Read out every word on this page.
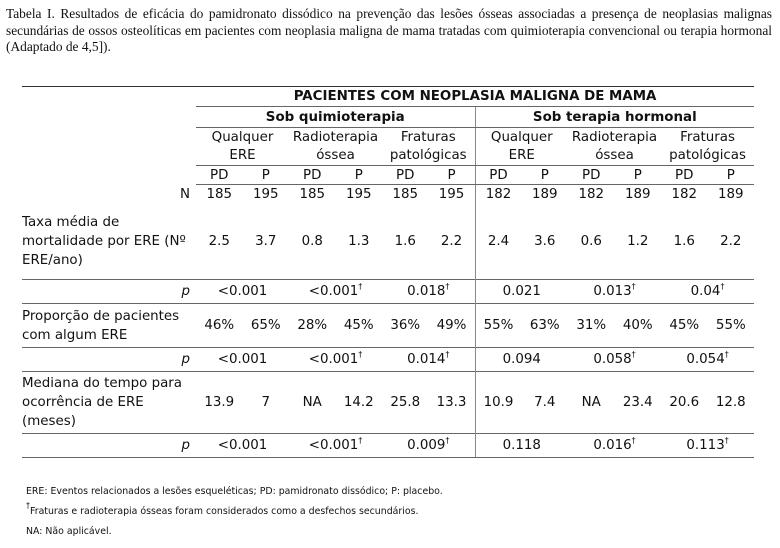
Tabela I. Resultados de eficácia do pamidronato dissódico na prevenção das lesões ósseas associadas a presença de neoplasias malignas secundárias de ossos osteolíticas em pacientes com neoplasia maligna de mama tratadas com quimioterapia convencional ou terapia hormonal (Adaptado de 4,5]).
	PACIENTES COM NEOPLASIA MALIGNA DE MAMA											
	Sob quimioterapia						Sob terapia hormonal					
	Qualquer		Radioterapia		Fraturas		Qualquer		Radioterapia		Fraturas	
	ERE		óssea		patológicas		ERE		óssea		patológicas	
	PD	P	PD	P	PD	P	PD	P	PD	P	PD	P
N	185	195	185	195	185	195	182	189	182	189	182	189
Taxa média de mortalidade por ERE (Nº ERE/ano)	2.5	3.7	0.8	1.3	1.6	2.2	2.4	3.6	0.6	1.2	1.6	2.2
p	<0.001		<0.001†		0.018†		0.021		0.013†		0.04†
Proporção de pacientes com algum ERE	46%	65%	28%	45%	36%	49%	55%	63%	31%	40%	45%	55%
p	<0.001		<0.001†		0.014†		0.094		0.058†		0.054†
Mediana do tempo para ocorrência de ERE (meses)	13.9	7	NA	14.2	25.8	13.3	10.9	7.4	NA	23.4	20.6	12.8
p	<0.001		<0.001†		0.009†		0.118		0.016†		0.113†
ERE: Eventos relacionados a lesões esqueléticas; PD: pamidronato dissódico; P: placebo.
†Fraturas e radioterapia ósseas foram considerados como a desfechos secundários.
NA: Não aplicável.
